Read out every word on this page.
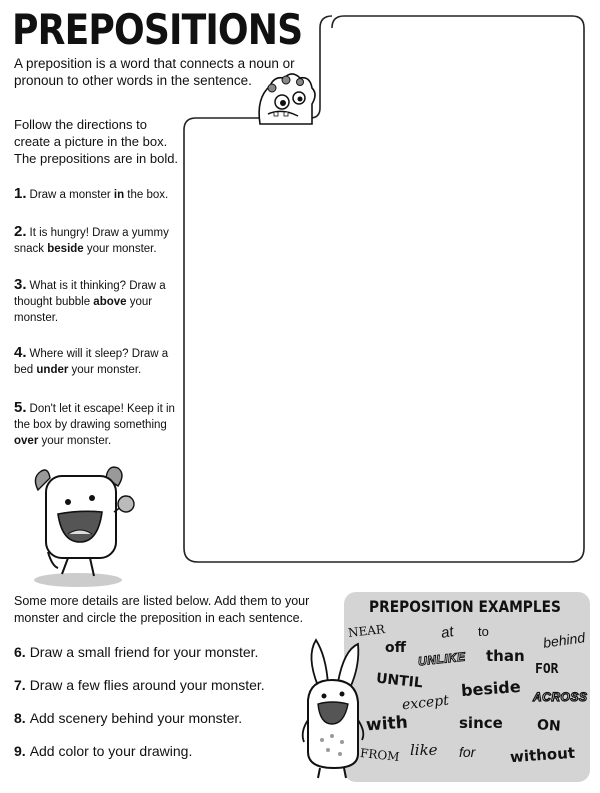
PREPOSITIONS
A preposition is a word that connects a noun or pronoun to other words in the sentence.
Follow the directions to create a picture in the box. The prepositions are in bold.
1. Draw a monster in the box.
2. It is hungry! Draw a yummy snack beside your monster.
3. What is it thinking? Draw a thought bubble above your monster.
4. Where will it sleep? Draw a bed under your monster.
5. Don't let it escape! Keep it in the box by drawing something over your monster.
Some more details are listed below. Add them to your monster and circle the preposition in each sentence.
6. Draw a small friend for your monster.
7. Draw a few flies around your monster.
8. Add scenery behind your monster.
9. Add color to your drawing.
PREPOSITION EXAMPLES
NEAR	at to	behind
off
UNLIKE than
FOR
UNTIL
except
beside ACROSS
with	since ON
FROM like for without
